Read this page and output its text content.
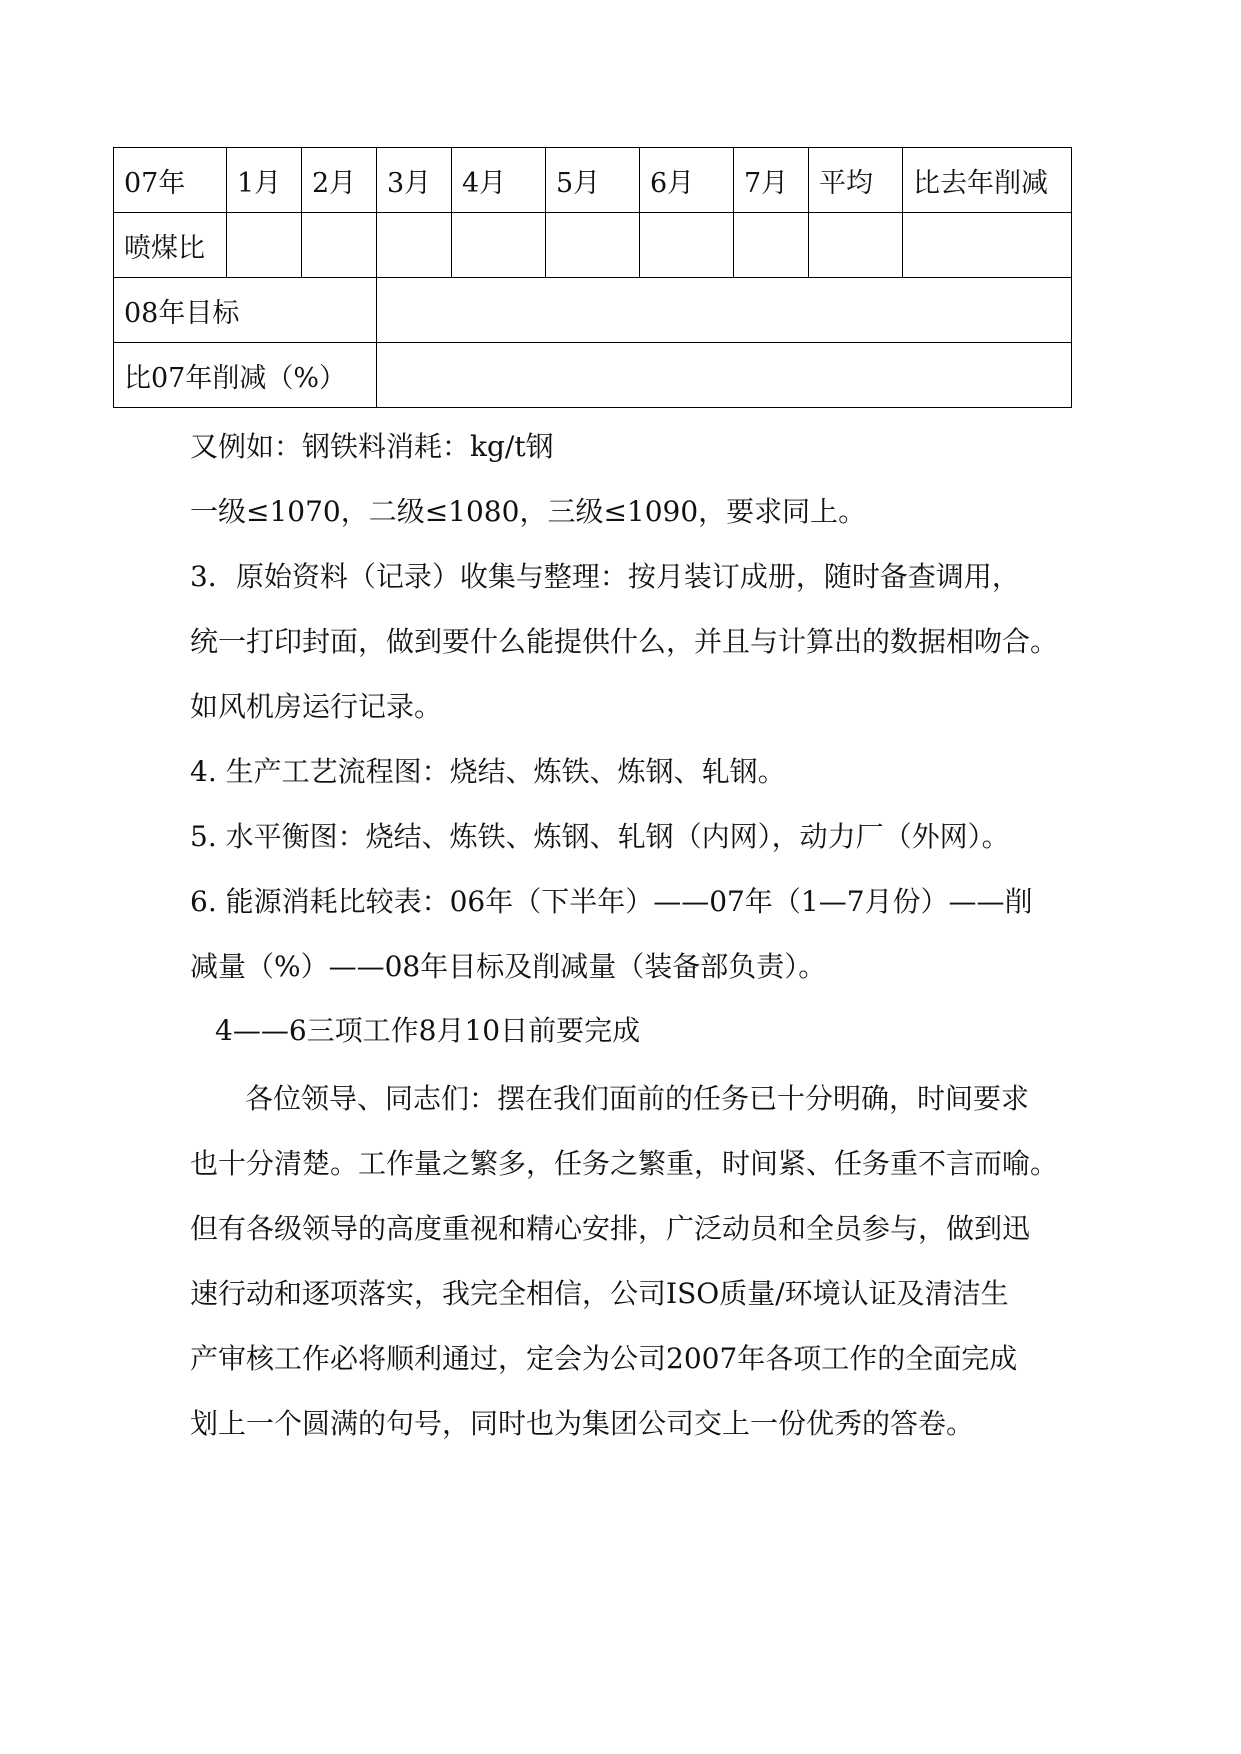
07年	1月	2月	3月	4月	5月	6月	7月	平均	比去年削减
喷煤比									
08年目标									
比07年削减（%）									
又例如：钢铁料消耗：kg/t钢
一级≤1070，二级≤1080，三级≤1090，要求同上。
3．原始资料（记录）收集与整理：按月装订成册，随时备查调用，
统一打印封面，做到要什么能提供什么，并且与计算出的数据相吻合。
如风机房运行记录。
4. 生产工艺流程图：烧结、炼铁、炼钢、轧钢。
5. 水平衡图：烧结、炼铁、炼钢、轧钢（内网），动力厂（外网）。
6. 能源消耗比较表：06年（下半年）——07年（1—7月份）——削
减量（%）——08年目标及削减量（装备部负责）。
4——6三项工作8月10日前要完成
各位领导、同志们：摆在我们面前的任务已十分明确，时间要求
也十分清楚。工作量之繁多，任务之繁重，时间紧、任务重不言而喻。
但有各级领导的高度重视和精心安排，广泛动员和全员参与，做到迅
速行动和逐项落实，我完全相信，公司ISO质量/环境认证及清洁生
产审核工作必将顺利通过，定会为公司2007年各项工作的全面完成
划上一个圆满的句号，同时也为集团公司交上一份优秀的答卷。
